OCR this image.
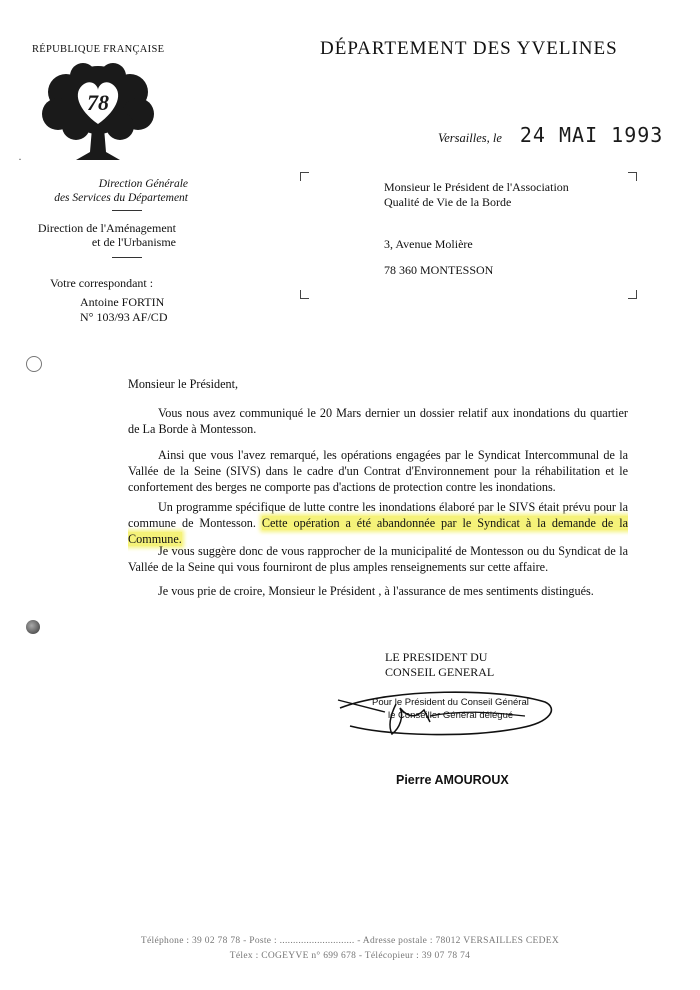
RÉPUBLIQUE FRANÇAISE	DÉPARTEMENT DES YVELINES
78
·
Direction Générale
des Services du Département
Direction de l'Aménagement
et de l'Urbanisme
Votre correspondant :
Antoine FORTIN
N° 103/93 AF/CD
Versailles, le 24 MAI 1993
Monsieur le Président de l'Association
Qualité de Vie de la Borde
3, Avenue Molière
78 360 MONTESSON
Monsieur le Président,
Vous nous avez communiqué le 20 Mars dernier un dossier relatif aux inondations du quartier de La Borde à Montesson.
Ainsi que vous l'avez remarqué, les opérations engagées par le Syndicat Intercommunal de la Vallée de la Seine (SIVS) dans le cadre d'un Contrat d'Environnement pour la réhabilitation et le confortement des berges ne comporte pas d'actions de protection contre les inondations.
Un programme spécifique de lutte contre les inondations élaboré par le SIVS était prévu pour la commune de Montesson. Cette opération a été abandonnée par le Syndicat à la demande de la Commune.
Je vous suggère donc de vous rapprocher de la municipalité de Montesson ou du Syndicat de la Vallée de la Seine qui vous fourniront de plus amples renseignements sur cette affaire.
Je vous prie de croire, Monsieur le Président , à l'assurance de mes sentiments distingués.
LE PRESIDENT DU
CONSEIL GENERAL
Pour le Président du Conseil Général
le Conseiller Général délégué
Pierre AMOUROUX
Téléphone : 39 02 78 78 - Poste : ............................ - Adresse postale : 78012 VERSAILLES CEDEX
Télex : COGEYVE n° 699 678 - Télécopieur : 39 07 78 74
